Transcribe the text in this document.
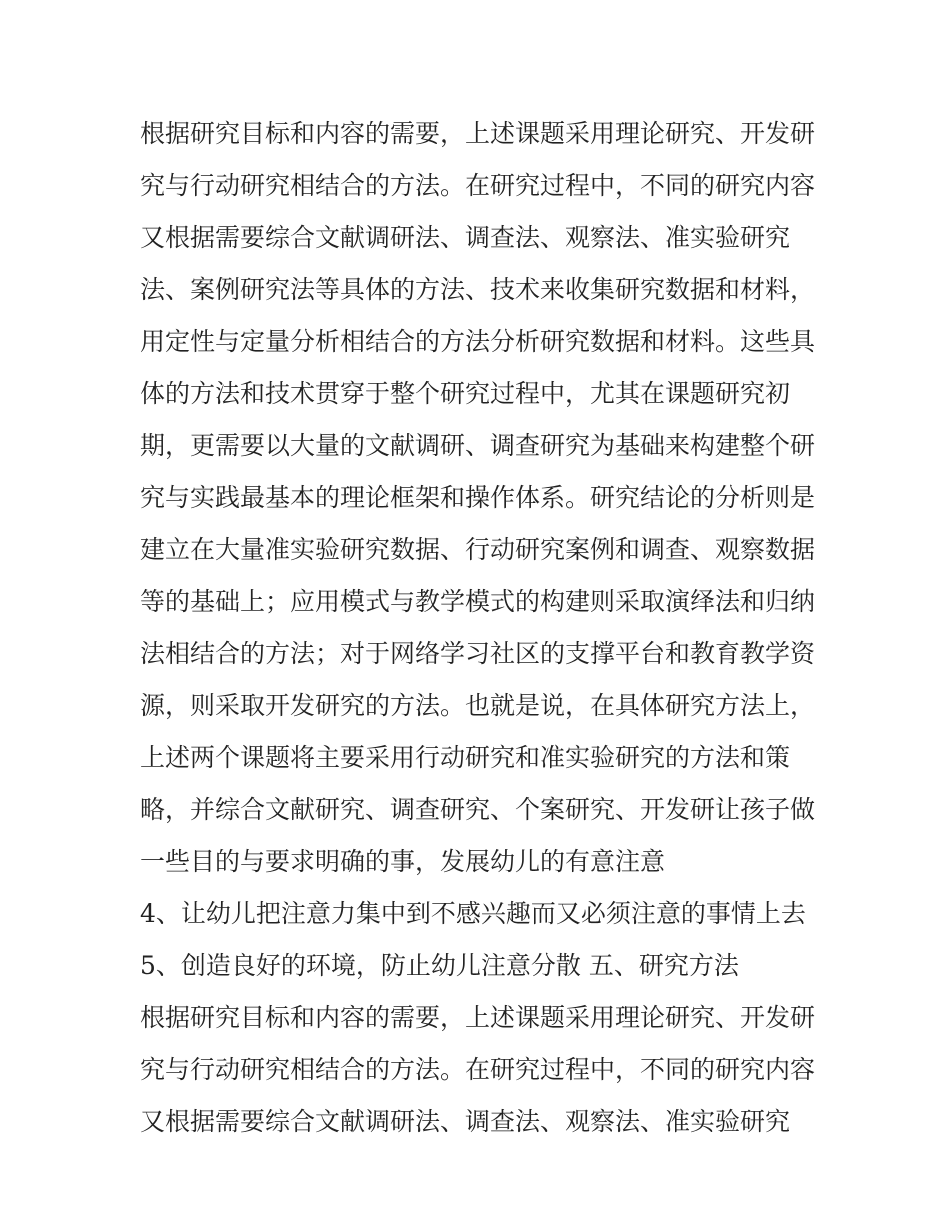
根据研究目标和内容的需要，上述课题采用理论研究、开发研
究与行动研究相结合的方法。在研究过程中，不同的研究内容
又根据需要综合文献调研法、调查法、观察法、准实验研究
法、案例研究法等具体的方法、技术来收集研究数据和材料，
用定性与定量分析相结合的方法分析研究数据和材料。这些具
体的方法和技术贯穿于整个研究过程中，尤其在课题研究初
期，更需要以大量的文献调研、调查研究为基础来构建整个研
究与实践最基本的理论框架和操作体系。研究结论的分析则是
建立在大量准实验研究数据、行动研究案例和调查、观察数据
等的基础上；应用模式与教学模式的构建则采取演绎法和归纳
法相结合的方法；对于网络学习社区的支撑平台和教育教学资
源，则采取开发研究的方法。也就是说，在具体研究方法上，
上述两个课题将主要采用行动研究和准实验研究的方法和策
略，并综合文献研究、调查研究、个案研究、开发研让孩子做
一些目的与要求明确的事，发展幼儿的有意注意
4、让幼儿把注意力集中到不感兴趣而又必须注意的事情上去
5、创造良好的环境，防止幼儿注意分散 五、研究方法
根据研究目标和内容的需要，上述课题采用理论研究、开发研
究与行动研究相结合的方法。在研究过程中，不同的研究内容
又根据需要综合文献调研法、调查法、观察法、准实验研究
